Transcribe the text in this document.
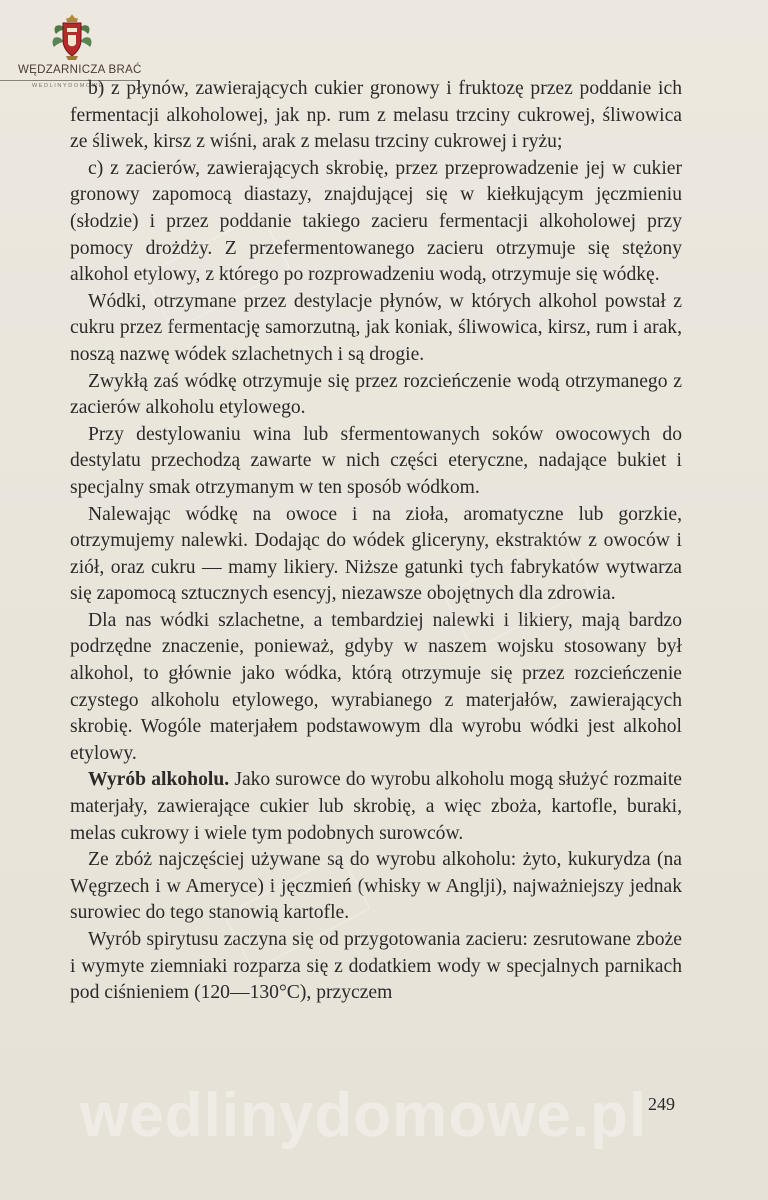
WĘDZARNICZA BRAĆ
WEDLINYDOMOWE

b) z płynów, zawierających cukier gronowy i fruktozę przez poddanie ich fermentacji alkoholowej, jak np. rum z melasu trzciny cukrowej, śliwowica ze śliwek, kirsz z wiśni, arak z melasu trzciny cukrowej i ryżu;

c) z zacierów, zawierających skrobię, przez przeprowadzenie jej w cukier gronowy zapomocą diastazy, znajdującej się w kiełkującym jęczmieniu (słodzie) i przez poddanie takiego zacieru fermentacji alkoholowej przy pomocy drożdży. Z przefermentowanego zacieru otrzymuje się stężony alkohol etylowy, z którego po rozprowadzeniu wodą, otrzymuje się wódkę.

Wódki, otrzymane przez destylacje płynów, w których alkohol powstał z cukru przez fermentację samorzutną, jak koniak, śliwowica, kirsz, rum i arak, noszą nazwę wódek szlachetnych i są drogie.

Zwykłą zaś wódkę otrzymuje się przez rozcieńczenie wodą otrzymanego z zacierów alkoholu etylowego.

Przy destylowaniu wina lub sfermentowanych soków owocowych do destylatu przechodzą zawarte w nich części eteryczne, nadające bukiet i specjalny smak otrzymanym w ten sposób wódkom.

Nalewając wódkę na owoce i na zioła, aromatyczne lub gorzkie, otrzymujemy nalewki. Dodając do wódek gliceryny, ekstraktów z owoców i ziół, oraz cukru — mamy likiery. Niższe gatunki tych fabrykatów wytwarza się zapomocą sztucznych esencyj, niezawsze obojętnych dla zdrowia.

Dla nas wódki szlachetne, a tembardziej nalewki i likiery, mają bardzo podrzędne znaczenie, ponieważ, gdyby w naszem wojsku stosowany był alkohol, to głównie jako wódka, którą otrzymuje się przez rozcieńczenie czystego alkoholu etylowego, wyrabianego z materjałów, zawierających skrobię. Wogóle materjałem podstawowym dla wyrobu wódki jest alkohol etylowy.

Wyrób alkoholu. Jako surowce do wyrobu alkoholu mogą służyć rozmaite materjały, zawierające cukier lub skrobię, a więc zboża, kartofle, buraki, melas cukrowy i wiele tym podobnych surowców.

Ze zbóż najczęściej używane są do wyrobu alkoholu: żyto, kukurydza (na Węgrzech i w Ameryce) i jęczmień (whisky w Anglji), najważniejszy jednak surowiec do tego stanowią kartofle.

Wyrób spirytusu zaczyna się od przygotowania zacieru: zesrutowane zboże i wymyte ziemniaki rozparza się z dodatkiem wody w specjalnych parnikach pod ciśnieniem (120—130°C), przyczem

wedlinydomowe.pl 249
